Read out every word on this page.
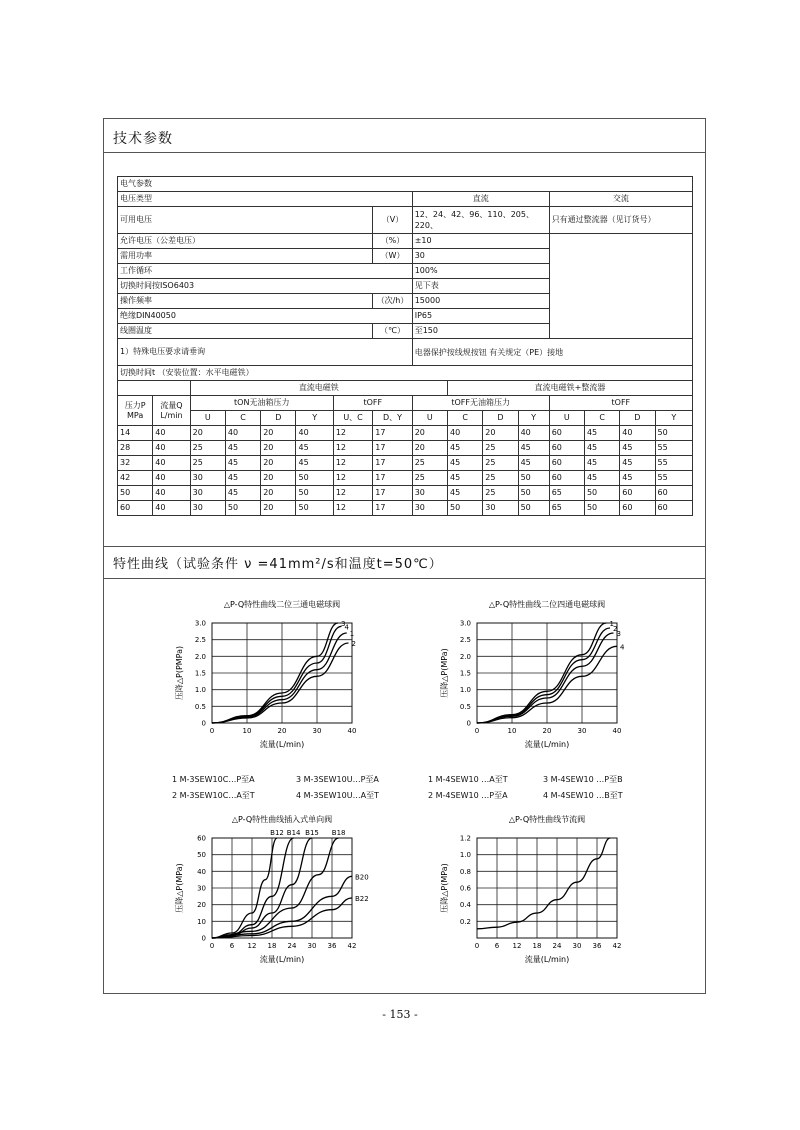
技术参数
电气参数															
电压类型								直流				交流			
可用电压							（V）	12、24、42、96、110、205、220、				只有通过整流器（见订货号）			
允许电压（公差电压）							（%）	±10							
需用功率							（W）	30							
工作循环								100%							
切换时间按ISO6403								见下表							
操作频率							（次/h）	15000							
绝缘DIN40050								IP65							
线圈温度							（℃）	至150							
1）特殊电压要求请垂询								电器保护按线规按钮 有关规定（PE）接地							
切换时间t （安装位置：水平电磁铁）															
		直流电磁铁							直流电磁铁+整流器						
压力P MPa	流量Q L/min	tON无油箱压力				tOFF		tOFF无油箱压力				tOFF			
		U	C	D	Y	U、C	D、Y	U	C	D	Y	U	C	D	Y
14	40	20	40	20	40	12	17	20	40	20	40	60	45	40	50
28	40	25	45	20	45	12	17	20	45	25	45	60	45	45	55
32	40	25	45	20	45	12	17	25	45	25	45	60	45	45	55
42	40	30	45	20	50	12	17	25	45	25	50	60	45	45	55
50	40	30	45	20	50	12	17	30	45	25	50	65	50	60	60
60	40	30	50	20	50	12	17	30	50	30	50	65	50	60	60
特性曲线（试验条件 ν =41mm²/s和温度t=50℃）
△P-Q特性曲线二位三通电磁球阀
0	10	20	30	40
0
0.5
1.0
1.5
2.0
2.5
3.0
流量(L/min)
压降△P(PMPa)
3 4
1
2
△P-Q特性曲线二位四通电磁球阀
0	10	20	30	40
0
0.5
1.0
1.5
2.0
2.5
3.0
流量(L/min)
压降△P(MPa)
1
2
3
4
△P-Q特性曲线插入式单向阀
0 6 12 18 24 30 36 42
0
10
20
30
40
50
60
流量(L/min)
压降△P(MPa)
B12 B14 B15 B18
B20
B22
△P-Q特性曲线节流阀
0 6 12 18 24 30 36 42
0.2
0.4
0.6
0.8
1.0
1.2
流量(L/min)
压降△P(MPa)
1 M-3SEW10C…P至A	3 M-3SEW10U…P至A
2 M-3SEW10C…A至T	4 M-3SEW10U…A至T
1 M-4SEW10 …A至T	3 M-4SEW10 …P至B
2 M-4SEW10 …P至A	4 M-4SEW10 …B至T
- 153 -
